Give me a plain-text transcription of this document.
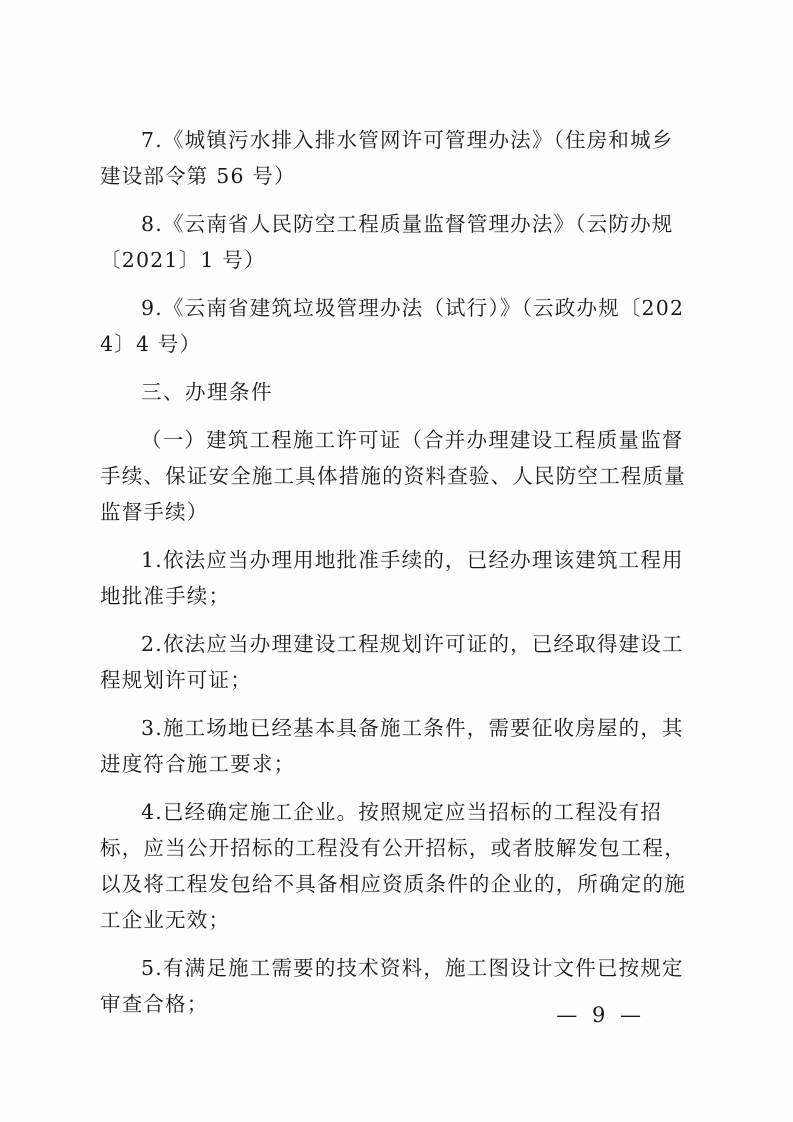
7.《城镇污水排入排水管网许可管理办法》（住房和城乡建设部令第 56 号）

8.《云南省人民防空工程质量监督管理办法》（云防办规〔2021〕1 号）

9.《云南省建筑垃圾管理办法（试行）》（云政办规〔2024〕4 号）

三、办理条件

（一）建筑工程施工许可证（合并办理建设工程质量监督手续、保证安全施工具体措施的资料查验、人民防空工程质量监督手续）

1.依法应当办理用地批准手续的，已经办理该建筑工程用地批准手续；

2.依法应当办理建设工程规划许可证的，已经取得建设工程规划许可证；

3.施工场地已经基本具备施工条件，需要征收房屋的，其进度符合施工要求；

4.已经确定施工企业。按照规定应当招标的工程没有招标，应当公开招标的工程没有公开招标，或者肢解发包工程，以及将工程发包给不具备相应资质条件的企业的，所确定的施工企业无效；

5.有满足施工需要的技术资料，施工图设计文件已按规定审查合格；	— 9 —
